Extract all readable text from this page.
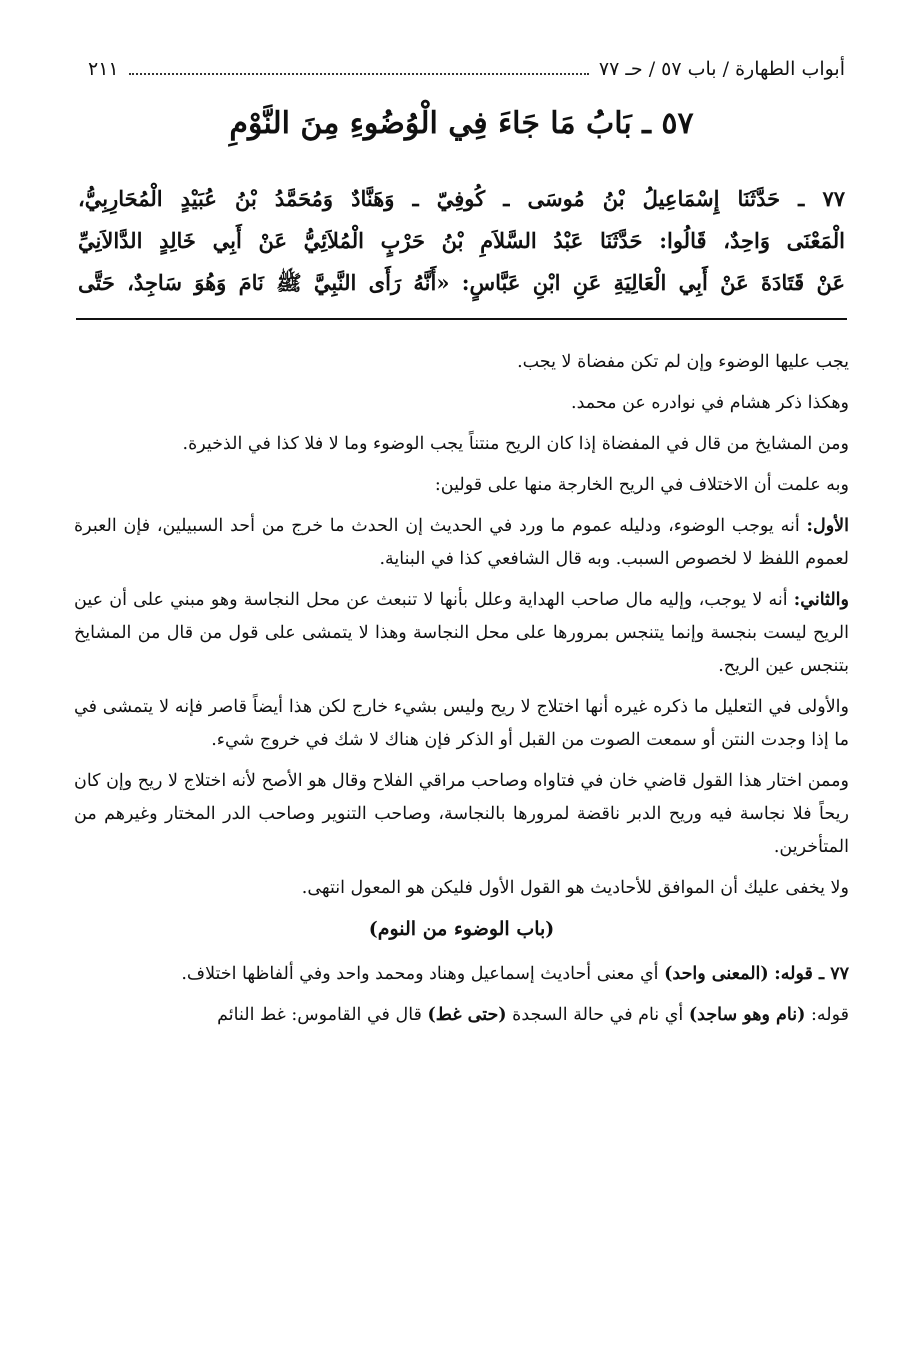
أبواب الطهارة / باب ٥٧ / حـ ٧٧
٢١١
٥٧ ـ بَابُ مَا جَاءَ فِي الْوُضُوءِ مِنَ النَّوْمِ

٧٧ ـ حَدَّثَنَا إِسْمَاعِيلُ بْنُ مُوسَى ـ كُوفِيّ ـ وَهَنَّادٌ وَمُحَمَّدُ بْنُ عُبَيْدٍ الْمُحَارِبِيُّ،

الْمَعْنَى وَاحِدٌ، قَالُوا: حَدَّثَنَا عَبْدُ السَّلاَمِ بْنُ حَرْبٍ الْمُلاَئِيُّ عَنْ أَبِي خَالِدٍ الدَّالاَنِيِّ

عَنْ قَتَادَةَ عَنْ أَبِي الْعَالِيَةِ عَنِ ابْنِ عَبَّاسٍ: «أَنَّهُ رَأَى النَّبِيَّ ﷺ نَامَ وَهُوَ سَاجِدٌ، حَتَّى

يجب عليها الوضوء وإن لم تكن مفضاة لا يجب.

وهكذا ذكر هشام في نوادره عن محمد.

ومن المشايخ من قال في المفضاة إذا كان الريح منتناً يجب الوضوء وما لا فلا كذا في الذخيرة.

وبه علمت أن الاختلاف في الريح الخارجة منها على قولين:

الأول: أنه يوجب الوضوء، ودليله عموم ما ورد في الحديث إن الحدث ما خرج من أحد السبيلين، فإن العبرة لعموم اللفظ لا لخصوص السبب. وبه قال الشافعي كذا في البناية.

والثاني: أنه لا يوجب، وإليه مال صاحب الهداية وعلل بأنها لا تنبعث عن محل النجاسة وهو مبني على أن عين الريح ليست بنجسة وإنما يتنجس بمرورها على محل النجاسة وهذا لا يتمشى على قول من قال من المشايخ بتنجس عين الريح.

والأولى في التعليل ما ذكره غيره أنها اختلاج لا ريح وليس بشيء خارج لكن هذا أيضاً قاصر فإنه لا يتمشى في ما إذا وجدت النتن أو سمعت الصوت من القبل أو الذكر فإن هناك لا شك في خروج شيء.

وممن اختار هذا القول قاضي خان في فتاواه وصاحب مراقي الفلاح وقال هو الأصح لأنه اختلاج لا ريح وإن كان ريحاً فلا نجاسة فيه وريح الدبر ناقضة لمرورها بالنجاسة، وصاحب التنوير وصاحب الدر المختار وغيرهم من المتأخرين.

ولا يخفى عليك أن الموافق للأحاديث هو القول الأول فليكن هو المعول انتهى.

(باب الوضوء من النوم)

٧٧ ـ قوله: (المعنى واحد) أي معنى أحاديث إسماعيل وهناد ومحمد واحد وفي ألفاظها اختلاف.

قوله: (نام وهو ساجد) أي نام في حالة السجدة (حتى غط) قال في القاموس: غط النائم
